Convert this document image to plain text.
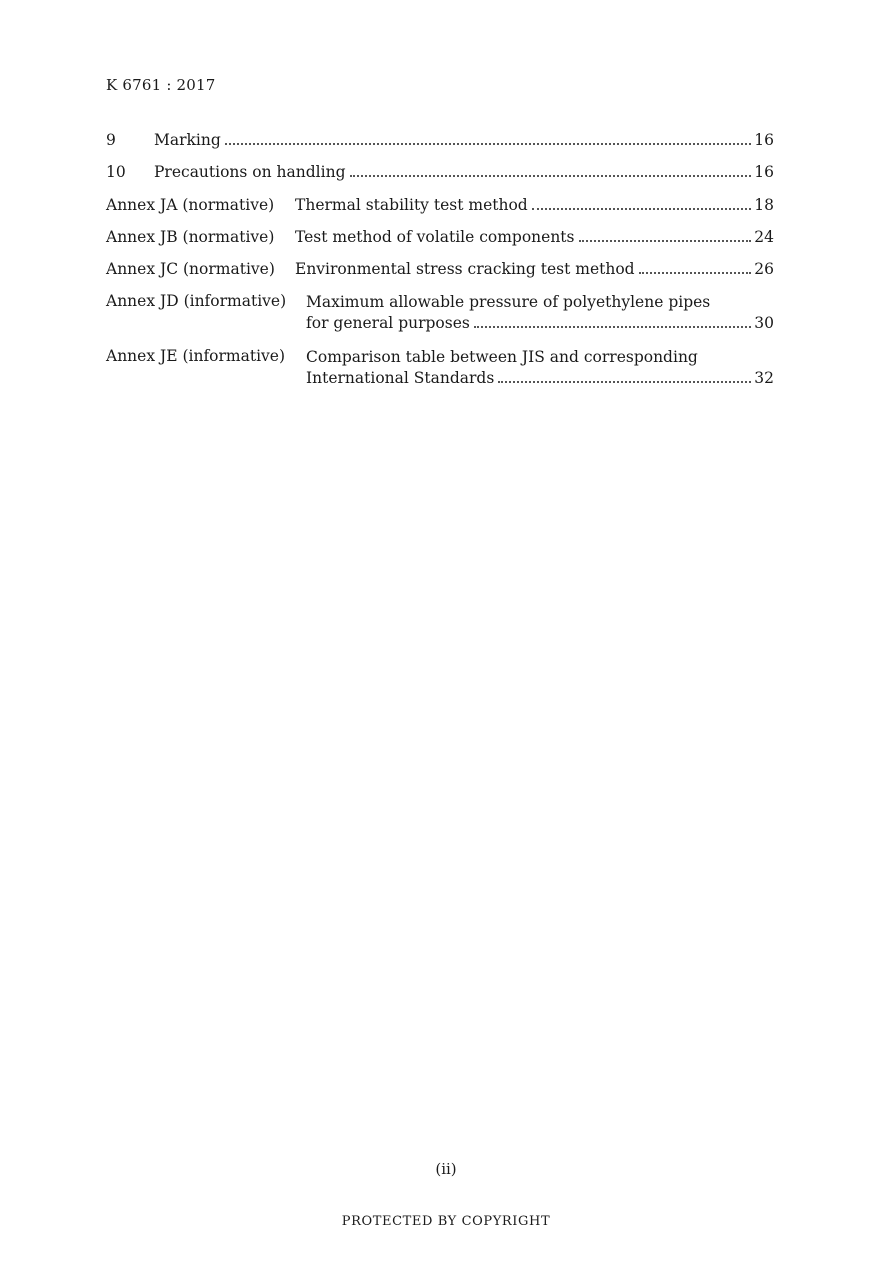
K 6761 : 2017
9	Marking	16
10	Precautions on handling	16
Annex JA (normative)	Thermal stability test method	18
Annex JB (normative)	Test method of volatile components	24
Annex JC (normative)	Environmental stress cracking test method	26
Annex JD (informative)	Maximum allowable pressure of polyethylene pipes
for general purposes	30
Annex JE (informative)	Comparison table between JIS and corresponding
International Standards	32
(ii)
PROTECTED BY COPYRIGHT
